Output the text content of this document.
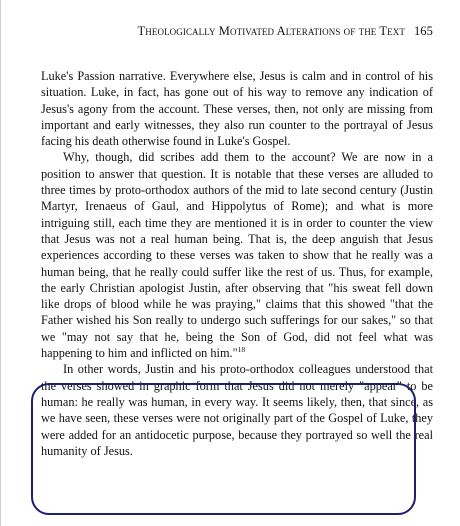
Theologically Motivated Alterations of the Text 165

Luke's Passion narrative. Everywhere else, Jesus is calm and in control of his situation. Luke, in fact, has gone out of his way to remove any indication of Jesus's agony from the account. These verses, then, not only are missing from important and early witnesses, they also run counter to the portrayal of Jesus facing his death otherwise found in Luke's Gospel.

Why, though, did scribes add them to the account? We are now in a position to answer that question. It is notable that these verses are alluded to three times by proto-orthodox authors of the mid to late second century (Justin Martyr, Irenaeus of Gaul, and Hippolytus of Rome); and what is more intriguing still, each time they are mentioned it is in order to counter the view that Jesus was not a real human being. That is, the deep anguish that Jesus experiences according to these verses was taken to show that he really was a human being, that he really could suffer like the rest of us. Thus, for example, the early Christian apologist Justin, after observing that "his sweat fell down like drops of blood while he was praying," claims that this showed "that the Father wished his Son really to undergo such sufferings for our sakes," so that we "may not say that he, being the Son of God, did not feel what was happening to him and inflicted on him."$^{18}$

In other words, Justin and his proto-orthodox colleagues understood that the verses showed in graphic form that Jesus did not merely "appear" to be human: he really was human, in every way. It seems likely, then, that since, as we have seen, these verses were not originally part of the Gospel of Luke, they were added for an antidocetic purpose, because they portrayed so well the real humanity of Jesus.
